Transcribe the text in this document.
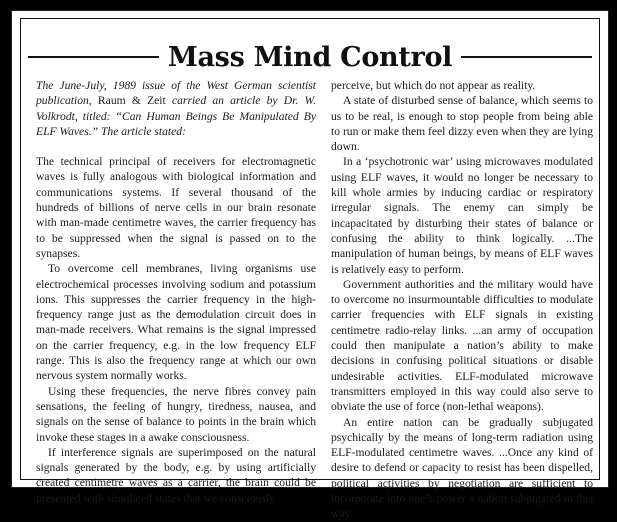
Mass Mind Control

The June-July, 1989 issue of the West German scientist publication, Raum & Zeit carried an article by Dr. W. Volkrodt, titled: “Can Human Beings Be Manipulated By ELF Waves.” The article stated:

The technical principal of receivers for electromagnetic waves is fully analogous with biological information and communications systems. If several thousand of the hundreds of billions of nerve cells in our brain resonate with man-made centimetre waves, the carrier frequency has to be suppressed when the signal is passed on to the synapses.

To overcome cell membranes, living organisms use electrochemical processes involving sodium and potassium ions. This suppresses the carrier frequency in the high-frequency range just as the demodulation circuit does in man-made receivers. What remains is the signal impressed on the carrier frequency, e.g. in the low frequency ELF range. This is also the frequency range at which our own nervous system normally works.

Using these frequencies, the nerve fibres convey pain sensations, the feeling of hungry, tiredness, nausea, and signals on the sense of balance to points in the brain which invoke these stages in a awake consciousness.

If interference signals are superimposed on the natural signals generated by the body, e.g. by using artificially created centimetre waves as a carrier, the brain could be presented with simulated states that we consciously

perceive, but which do not appear as reality.

A state of disturbed sense of balance, which seems to us to be real, is enough to stop people from being able to run or make them feel dizzy even when they are lying down.

In a ‘psychotronic war’ using microwaves modulated using ELF waves, it would no longer be necessary to kill whole armies by inducing cardiac or respiratory irregular signals. The enemy can simply be incapacitated by disturbing their states of balance or confusing the ability to think logically. ...The manipulation of human beings, by means of ELF waves is relatively easy to perform.

Government authorities and the military would have to overcome no insurmountable difficulties to modulate carrier frequencies with ELF signals in existing centimetre radio-relay links. ...an army of occupation could then manipulate a nation’s ability to make decisions in confusing political situations or disable undesirable activities. ELF-modulated microwave transmitters employed in this way could also serve to obviate the use of force (non-lethal weapons).

An entire nation can be gradually subjugated psychically by the means of long-term radiation using ELF-modulated centimetre waves. ...Once any kind of desire to defend or capacity to resist has been dispelled, political activities by negotiation are sufficient to incorporate into one’s power a nation subjugated in this way.
